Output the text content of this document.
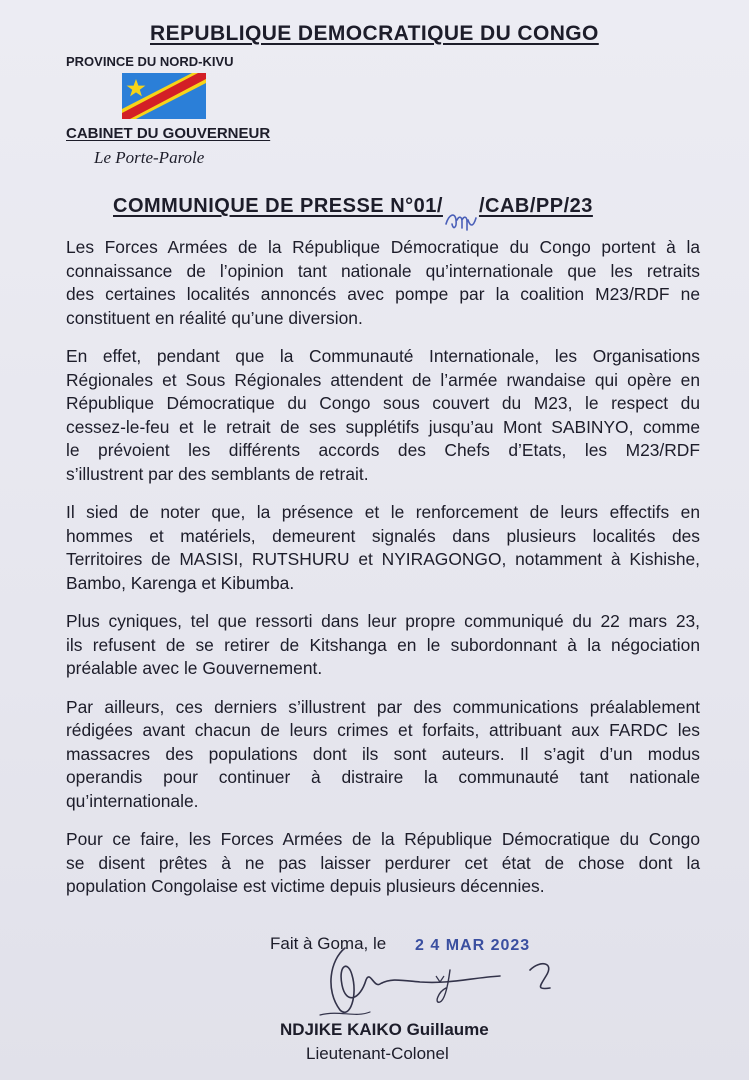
REPUBLIQUE DEMOCRATIQUE DU CONGO
PROVINCE DU NORD-KIVU
CABINET DU GOUVERNEUR
Le Porte-Parole
COMMUNIQUE DE PRESSE N°01/ /CAB/PP/23

Les Forces Armées de la République Démocratique du Congo portent à la
connaissance de l’opinion tant nationale qu’internationale que les retraits
des certaines localités annoncés avec pompe par la coalition M23/RDF ne
constituent en réalité qu’une diversion.

En effet, pendant que la Communauté Internationale, les Organisations
Régionales et Sous Régionales attendent de l’armée rwandaise qui opère en
République Démocratique du Congo sous couvert du M23, le respect du
cessez-le-feu et le retrait de ses supplétifs jusqu’au Mont SABINYO, comme
le prévoient les différents accords des Chefs d’Etats, les M23/RDF
s’illustrent par des semblants de retrait.

Il sied de noter que, la présence et le renforcement de leurs effectifs en
hommes et matériels, demeurent signalés dans plusieurs localités des
Territoires de MASISI, RUTSHURU et NYIRAGONGO, notamment à Kishishe,
Bambo, Karenga et Kibumba.

Plus cyniques, tel que ressorti dans leur propre communiqué du 22 mars 23,
ils refusent de se retirer de Kitshanga en le subordonnant à la négociation
préalable avec le Gouvernement.

Par ailleurs, ces derniers s’illustrent par des communications préalablement
rédigées avant chacun de leurs crimes et forfaits, attribuant aux FARDC les
massacres des populations dont ils sont auteurs. Il s’agit d’un modus
operandis pour continuer à distraire la communauté tant nationale
qu’internationale.

Pour ce faire, les Forces Armées de la République Démocratique du Congo
se disent prêtes à ne pas laisser perdurer cet état de chose dont la
population Congolaise est victime depuis plusieurs décennies.

Fait à Goma, le 2 4 MAR 2023
NDJIKE KAIKO Guillaume
Lieutenant-Colonel
